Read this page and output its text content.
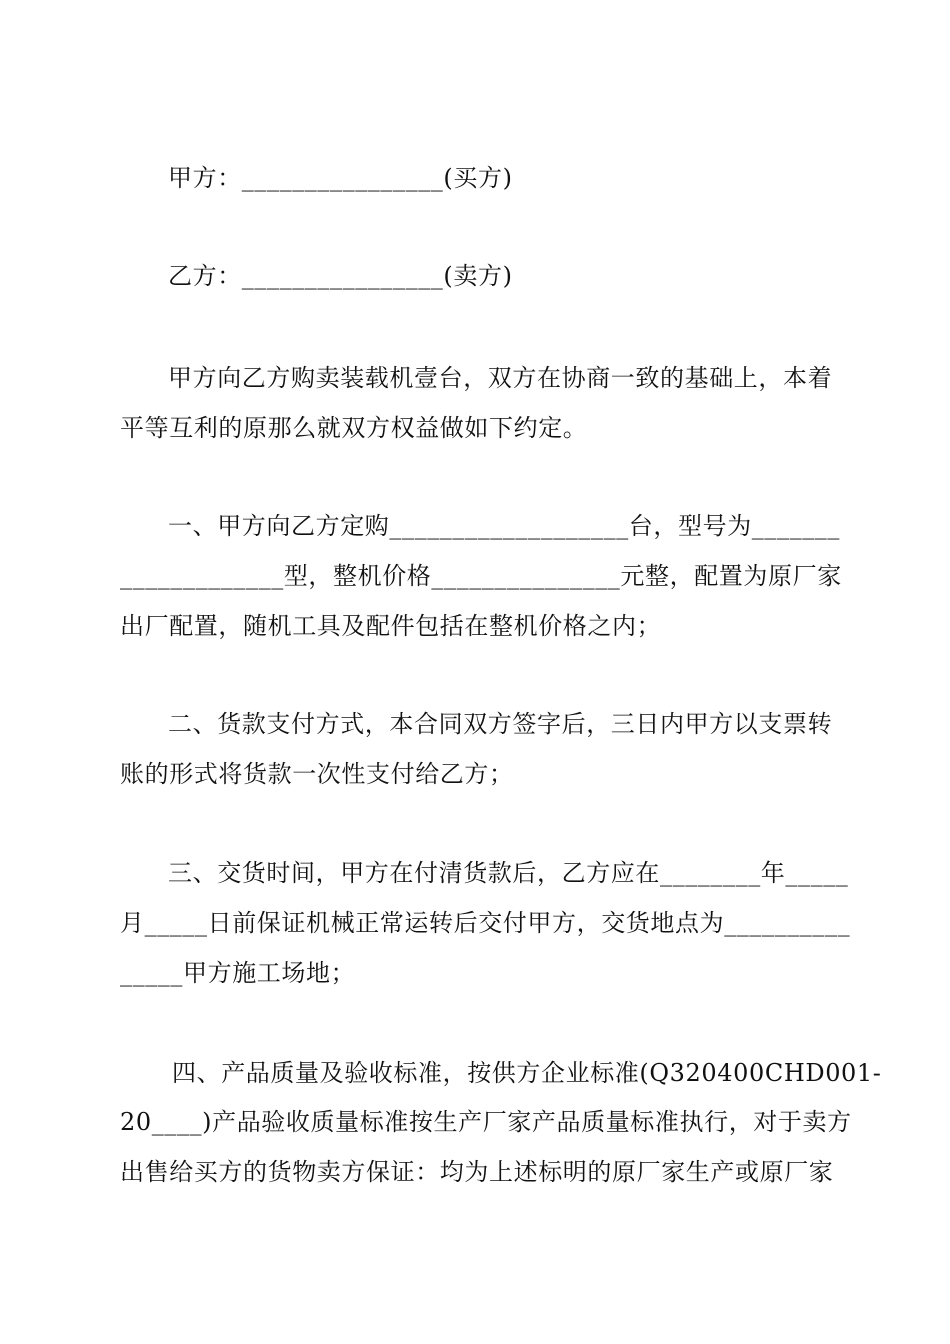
甲方：________________(买方)
乙方：________________(卖方)
甲方向乙方购卖装载机壹台，双方在协商一致的基础上，本着
平等互利的原那么就双方权益做如下约定。
一、甲方向乙方定购___________________台，型号为_______
_____________型，整机价格_______________元整，配置为原厂家
出厂配置，随机工具及配件包括在整机价格之内；
二、货款支付方式，本合同双方签字后，三日内甲方以支票转
账的形式将货款一次性支付给乙方；
三、交货时间，甲方在付清货款后，乙方应在________年_____
月_____日前保证机械正常运转后交付甲方，交货地点为__________
_____甲方施工场地；
四、产品质量及验收标准，按供方企业标准(Q320400CHD001-
20____)产品验收质量标准按生产厂家产品质量标准执行，对于卖方
出售给买方的货物卖方保证：均为上述标明的原厂家生产或原厂家
